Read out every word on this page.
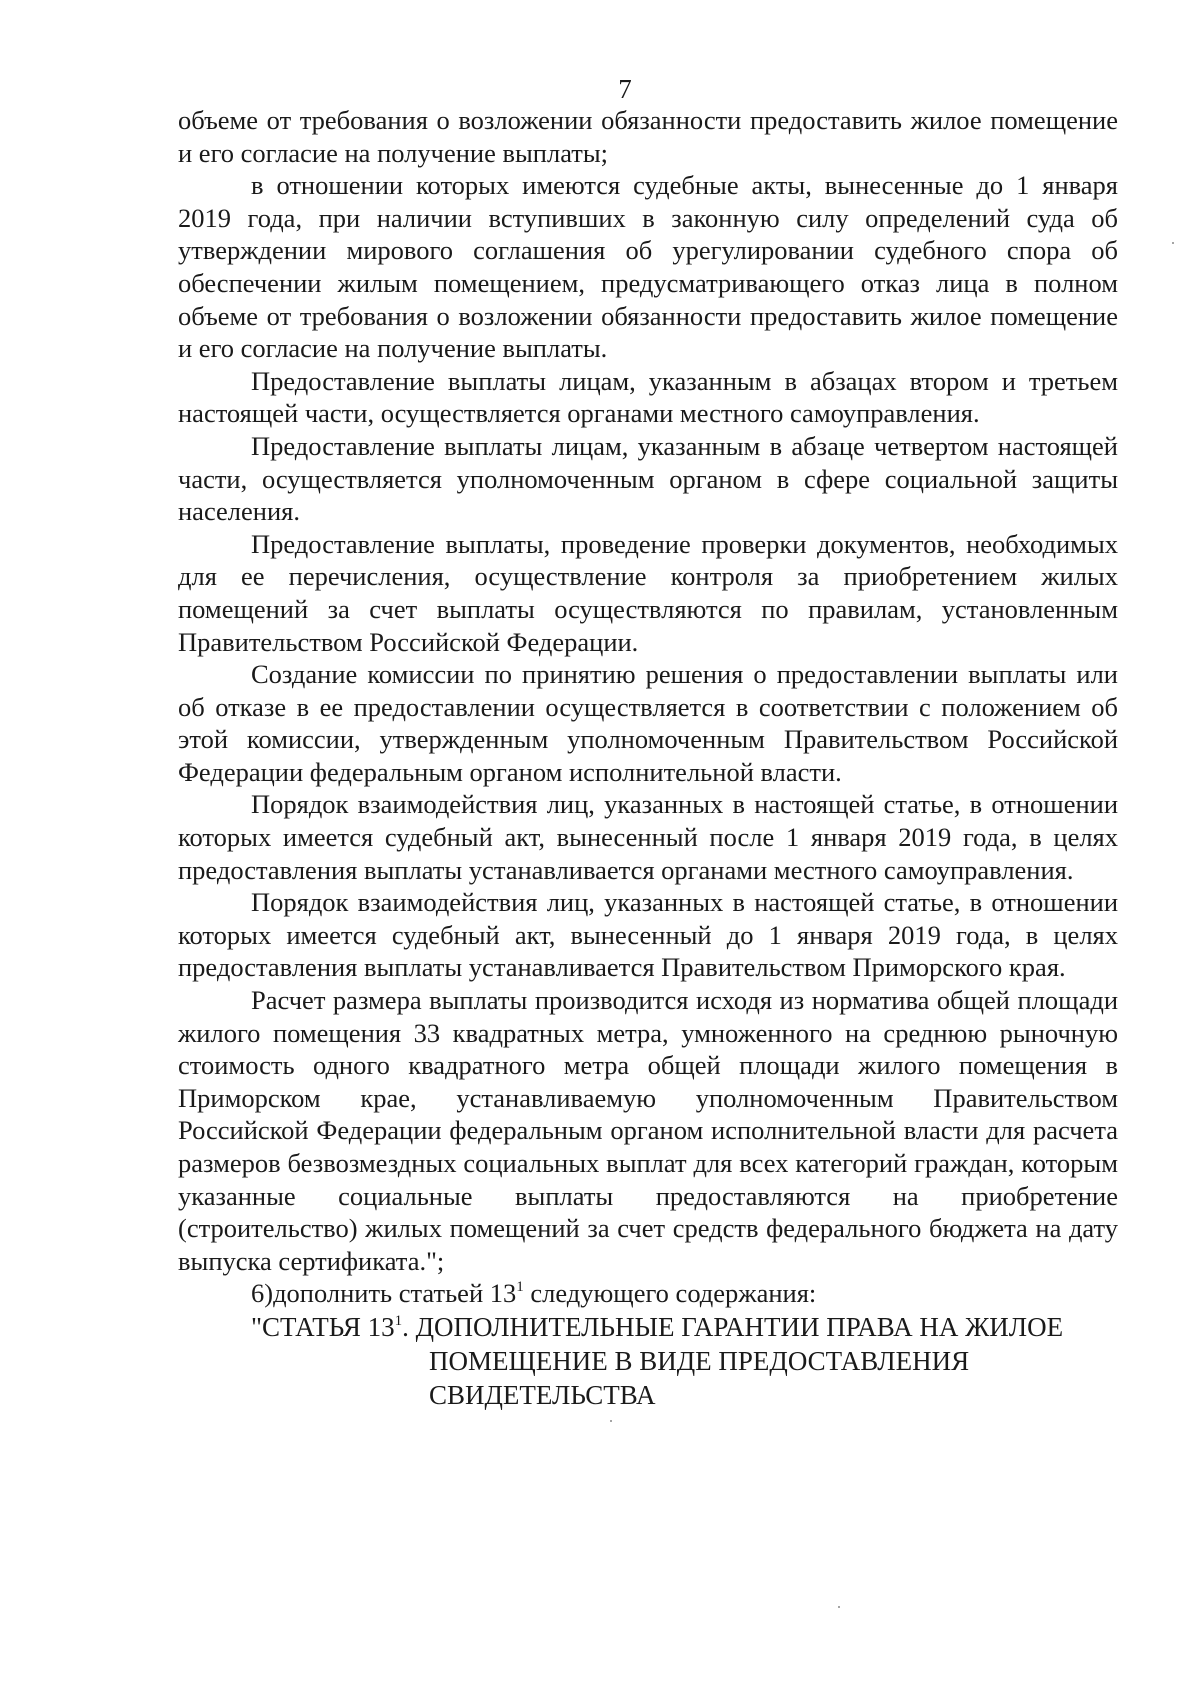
7

объеме от требования о возложении обязанности предоставить жилое помещение и его согласие на получение выплаты;

в отношении которых имеются судебные акты, вынесенные до 1 января 2019 года, при наличии вступивших в законную силу определений суда об утверждении мирового соглашения об урегулировании судебного спора об обеспечении жилым помещением, предусматривающего отказ лица в полном объеме от требования о возложении обязанности предоставить жилое помещение и его согласие на получение выплаты.

Предоставление выплаты лицам, указанным в абзацах втором и третьем настоящей части, осуществляется органами местного самоуправления.

Предоставление выплаты лицам, указанным в абзаце четвертом настоящей части, осуществляется уполномоченным органом в сфере социальной защиты населения.

Предоставление выплаты, проведение проверки документов, необходимых для ее перечисления, осуществление контроля за приобретением жилых помещений за счет выплаты осуществляются по правилам, установленным Правительством Российской Федерации.

Создание комиссии по принятию решения о предоставлении выплаты или об отказе в ее предоставлении осуществляется в соответствии с положением об этой комиссии, утвержденным уполномоченным Правительством Российской Федерации федеральным органом исполнительной власти.

Порядок взаимодействия лиц, указанных в настоящей статье, в отношении которых имеется судебный акт, вынесенный после 1 января 2019 года, в целях предоставления выплаты устанавливается органами местного самоуправления.

Порядок взаимодействия лиц, указанных в настоящей статье, в отношении которых имеется судебный акт, вынесенный до 1 января 2019 года, в целях предоставления выплаты устанавливается Правительством Приморского края.

Расчет размера выплаты производится исходя из норматива общей площади жилого помещения 33 квадратных метра, умноженного на среднюю рыночную стоимость одного квадратного метра общей площади жилого помещения в Приморском крае, устанавливаемую уполномоченным Правительством Российской Федерации федеральным органом исполнительной власти для расчета размеров безвозмездных социальных выплат для всех категорий граждан, которым указанные социальные выплаты предоставляются на приобретение (строительство) жилых помещений за счет средств федерального бюджета на дату выпуска сертификата.";

6)дополнить статьей $13^1$ следующего содержания:

"СТАТЬЯ $13^1$. ДОПОЛНИТЕЛЬНЫЕ ГАРАНТИИ ПРАВА НА ЖИЛОЕ
ПОМЕЩЕНИЕ В ВИДЕ ПРЕДОСТАВЛЕНИЯ
СВИДЕТЕЛЬСТВА
